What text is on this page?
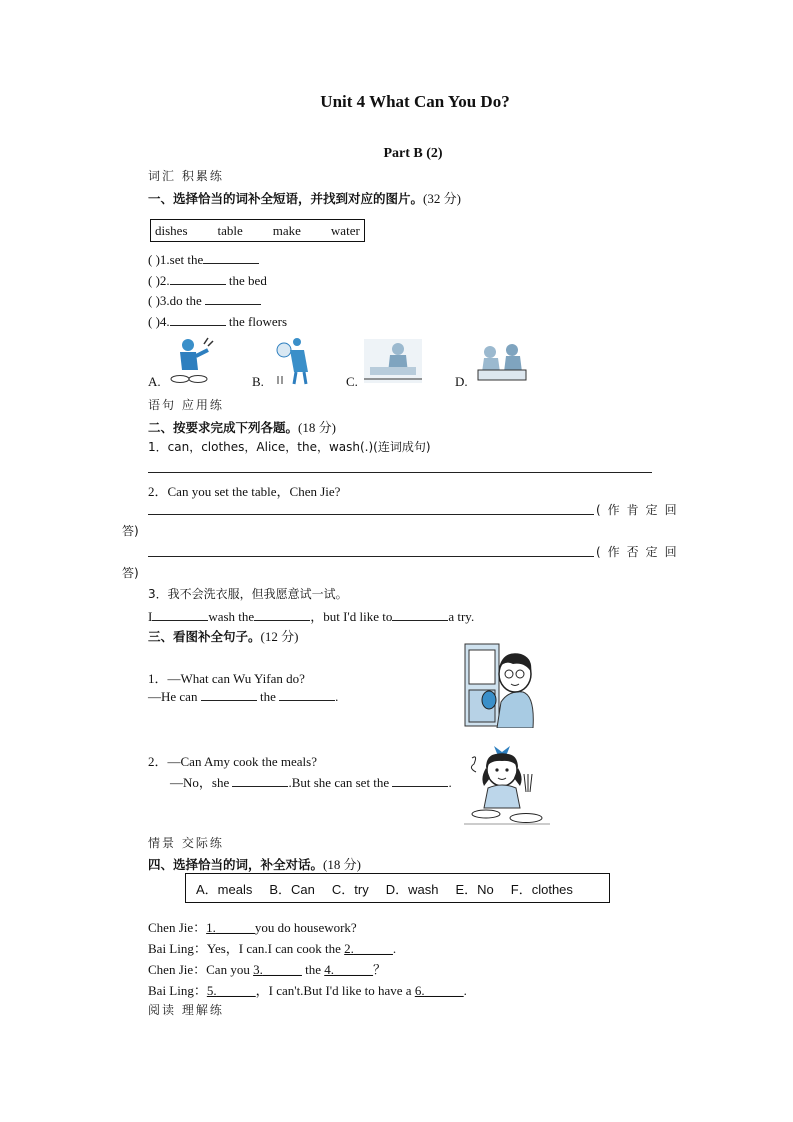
Unit 4 What Can You Do?
Part B (2)
词汇 积累练
一、选择恰当的词补全短语，并找到对应的图片。(32 分)
dishes table make water
( )1.set the
( )2.	the bed
( )3.do the
( )4.	the flowers
A.	B.	C.	D.
语句 应用练
二、按要求完成下列各题。(18 分)
1．can，clothes，Alice，the，wash(.)(连词成句)
2．Can you set the table，Chen Jie?
(作肯定回
答)
(作否定回
答)
3．我不会洗衣服，但我愿意试一试。
I	wash the	，but I'd like to	a try.
三、看图补全句子。(12 分)
1．—What can Wu Yifan do?
—He can	the	.
2．—Can Amy cook the meals?
—No，she	.But she can set the	.
情景 交际练
四、选择恰当的词，补全对话。(18 分)
A．meals B．Can C．try D．wash E．No F．clothes
Chen Jie：1.______you do housework?
Bai Ling：Yes，I can.I can cook the 2.______.
Chen Jie：Can you 3.______ the 4.______？
Bai Ling：5.______，I can't.But I'd like to have a 6.______.
阅读 理解练
